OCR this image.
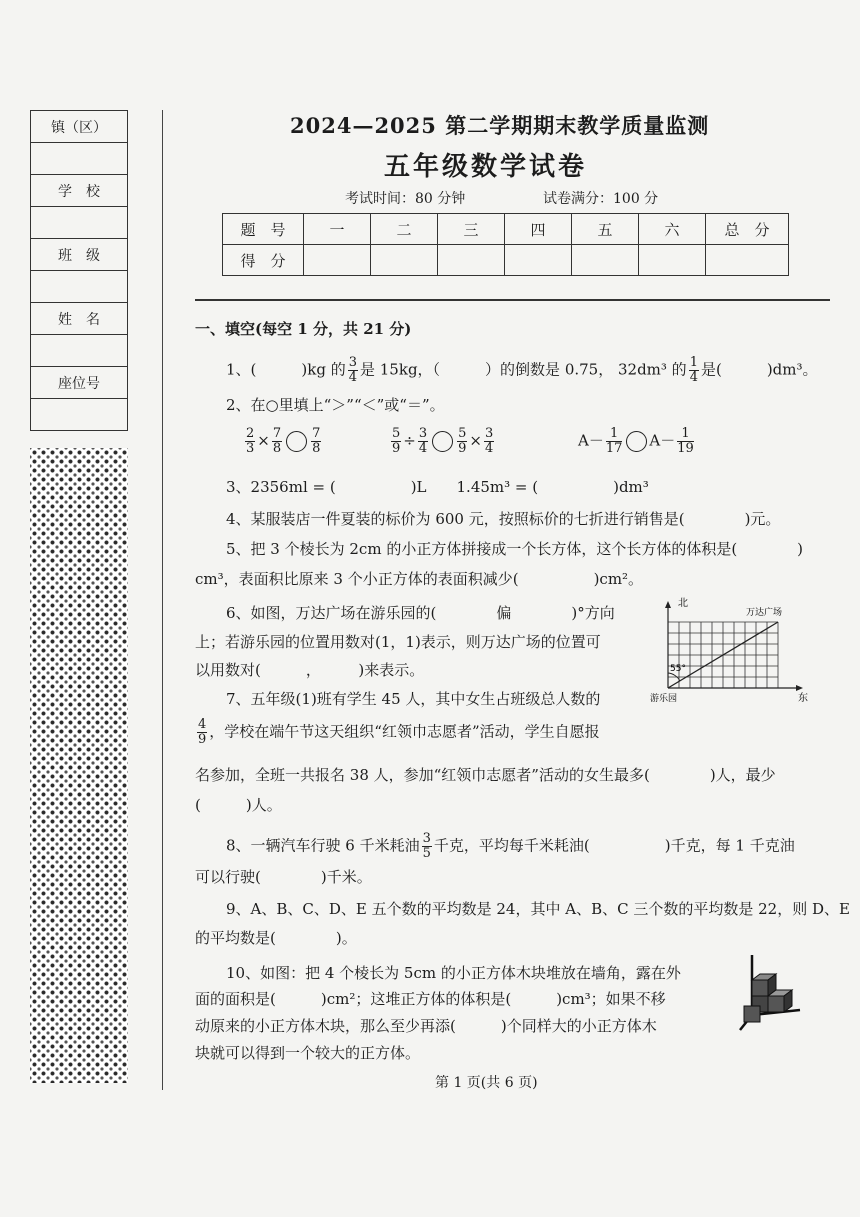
镇（区）

学　校

班　级

姓　名

座位号

2024—2025 第二学期期末教学质量监测
五年级数学试卷
考试时间：80 分钟	试卷满分：100 分
题　号	一	二	三	四	五	六	总　分
得　分							
一、填空(每空 1 分，共 21 分)
1、(　　　)kg 的 $\frac{3}{4}$ 是 15kg，（　　　）的倒数是 0.75， 32dm³ 的 $\frac{1}{4}$ 是(　　　)dm³。
2、在○里填上“＞”“＜”或“＝”。
$\frac{2}{3} \times \frac{7}{8} \frac{7}{8}$	$\frac{5}{9} \div \frac{3}{4} \frac{5}{9} \times \frac{3}{4}$	$A- \frac{1}{17} A- \frac{1}{19}$
3、2356ml = (　　　　　)L　　1.45m³ = (　　　　　)dm³
4、某服装店一件夏装的标价为 600 元，按照标价的七折进行销售是(　　　　)元。
5、把 3 个棱长为 2cm 的小正方体拼接成一个长方体，这个长方体的体积是(　　　　)
cm³，表面积比原来 3 个小正方体的表面积减少(　　　　　)cm²。
6、如图，万达广场在游乐园的(　　　　偏　　　　)°方向
上；若游乐园的位置用数对(1，1)表示，则万达广场的位置可
以用数对(　　　，　　　)来表示。
北
东
万达广场
游乐园
55°
7、五年级(1)班有学生 45 人，其中女生占班级总人数的
$\frac{4}{9}$ ，学校在端午节这天组织“红领巾志愿者”活动，学生自愿报
名参加，全班一共报名 38 人，参加“红领巾志愿者”活动的女生最多(　　　　)人，最少
(　　　)人。
8、一辆汽车行驶 6 千米耗油 $\frac{3}{5}$ 千克，平均每千米耗油(　　　　　)千克，每 1 千克油
可以行驶(　　　　)千米。
9、A、B、C、D、E 五个数的平均数是 24，其中 A、B、C 三个数的平均数是 22，则 D、E
的平均数是(　　　　)。
10、如图：把 4 个棱长为 5cm 的小正方体木块堆放在墙角，露在外
面的面积是(　　　)cm²；这堆正方体的体积是(　　　)cm³；如果不移
动原来的小正方体木块，那么至少再添(　　　)个同样大的小正方体木
块就可以得到一个较大的正方体。
第 1 页(共 6 页)
